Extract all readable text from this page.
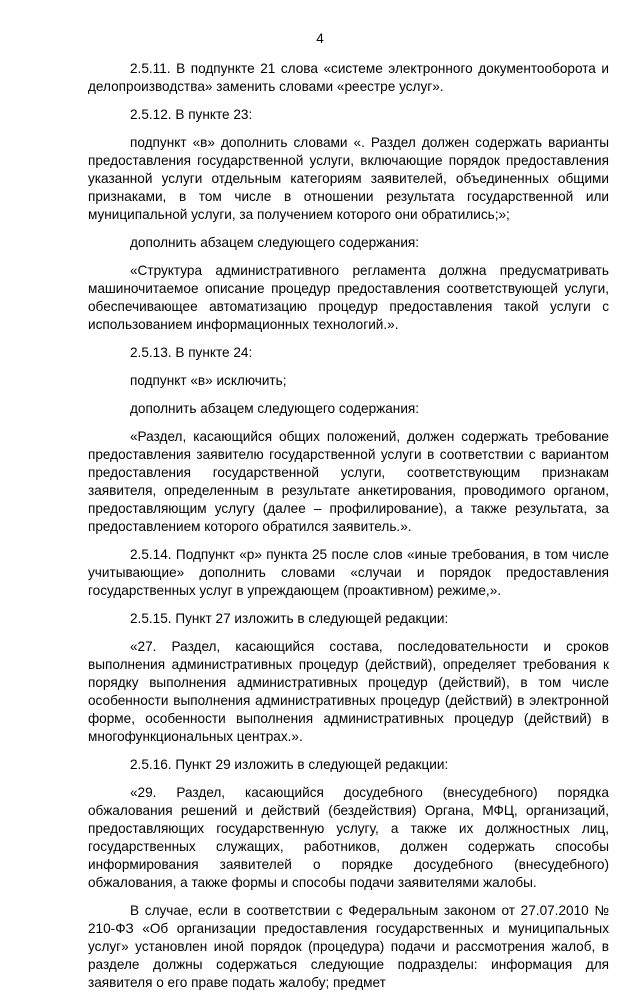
4

2.5.11. В подпункте 21 слова «системе электронного документооборота и делопроизводства» заменить словами «реестре услуг».

2.5.12. В пункте 23:

подпункт «в» дополнить словами «. Раздел должен содержать варианты предоставления государственной услуги, включающие порядок предоставления указанной услуги отдельным категориям заявителей, объединенных общими признаками, в том числе в отношении результата государственной или муниципальной услуги, за получением которого они обратились;»;

дополнить абзацем следующего содержания:

«Структура административного регламента должна предусматривать машиночитаемое описание процедур предоставления соответствующей услуги, обеспечивающее автоматизацию процедур предоставления такой услуги с использованием информационных технологий.».

2.5.13. В пункте 24:

подпункт «в» исключить;

дополнить абзацем следующего содержания:

«Раздел, касающийся общих положений, должен содержать требование предоставления заявителю государственной услуги в соответствии с вариантом предоставления государственной услуги, соответствующим признакам заявителя, определенным в результате анкетирования, проводимого органом, предоставляющим услугу (далее – профилирование), а также результата, за предоставлением которого обратился заявитель.».

2.5.14. Подпункт «р» пункта 25 после слов «иные требования, в том числе учитывающие» дополнить словами «случаи и порядок предоставления государственных услуг в упреждающем (проактивном) режиме,».

2.5.15. Пункт 27 изложить в следующей редакции:

«27. Раздел, касающийся состава, последовательности и сроков выполнения административных процедур (действий), определяет требования к порядку выполнения административных процедур (действий), в том числе особенности выполнения административных процедур (действий) в электронной форме, особенности выполнения административных процедур (действий) в многофункциональных центрах.».

2.5.16. Пункт 29 изложить в следующей редакции:

«29. Раздел, касающийся досудебного (внесудебного) порядка обжалования решений и действий (бездействия) Органа, МФЦ, организаций, предоставляющих государственную услугу, а также их должностных лиц, государственных служащих, работников, должен содержать способы информирования заявителей о порядке досудебного (внесудебного) обжалования, а также формы и способы подачи заявителями жалобы.

В случае, если в соответствии с Федеральным законом от 27.07.2010 № 210-ФЗ «Об организации предоставления государственных и муниципальных услуг» установлен иной порядок (процедура) подачи и рассмотрения жалоб, в разделе должны содержаться следующие подразделы: информация для заявителя о его праве подать жалобу; предмет
